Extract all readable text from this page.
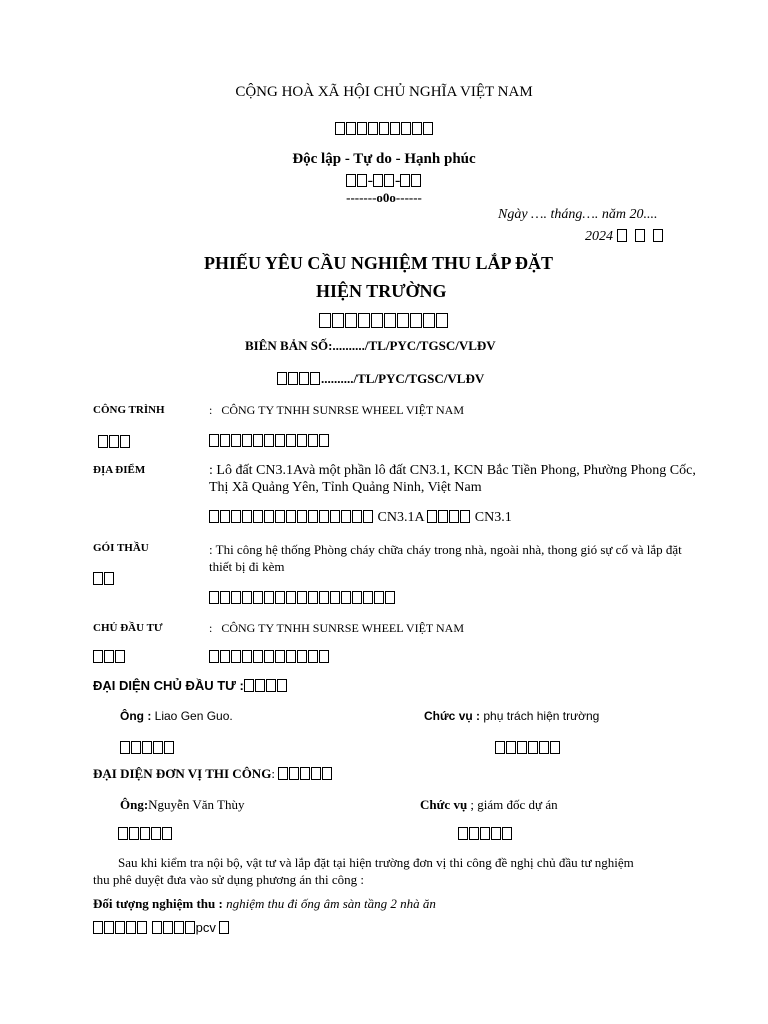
CỘNG HOÀ XÃ HỘI CHỦ NGHĨA VIỆT NAM
Độc lập - Tự do - Hạnh phúc
- -
-------o0o------
Ngày …. tháng…. năm 20....
2024
PHIẾU YÊU CẦU NGHIỆM THU LẮP ĐẶT
HIỆN TRƯỜNG
BIÊN BẢN SỐ:........../TL/PYC/TGSC/VLĐV
........../TL/PYC/TGSC/VLĐV
CÔNG TRÌNH	:   CÔNG TY TNHH SUNRSE WHEEL VIỆT NAM
ĐỊA ĐIỂM	: Lô đất CN3.1Avà một phần lô đất CN3.1, KCN Bắc Tiền Phong, Phường Phong Cốc,
Thị Xã Quảng Yên, Tỉnh Quảng Ninh, Việt Nam
CN3.1A	CN3.1
GÓI THẦU	: Thi công hệ thống Phòng cháy chữa cháy trong nhà, ngoài nhà, thong gió sự cố và lắp đặt
thiết bị đi kèm
CHỦ ĐẦU TƯ	:   CÔNG TY TNHH SUNRSE WHEEL VIỆT NAM
ĐẠI DIỆN CHỦ ĐẦU TƯ :
Ông : Liao Gen Guo.	Chức vụ : phụ trách hiện trường
ĐẠI DIỆN ĐƠN VỊ THI CÔNG:
Ông:Nguyễn Văn Thùy	Chức vụ ; giám đốc dự án
Sau khi kiểm tra nội bộ, vật tư và lắp đặt tại hiện trường đơn vị thi công đề nghị chủ đầu tư nghiệm
thu phê duyệt đưa vào sử dụng phương án thi công :
Đối tượng nghiệm thu : nghiệm thu đi ống âm sàn tầng 2 nhà ăn
pcv
